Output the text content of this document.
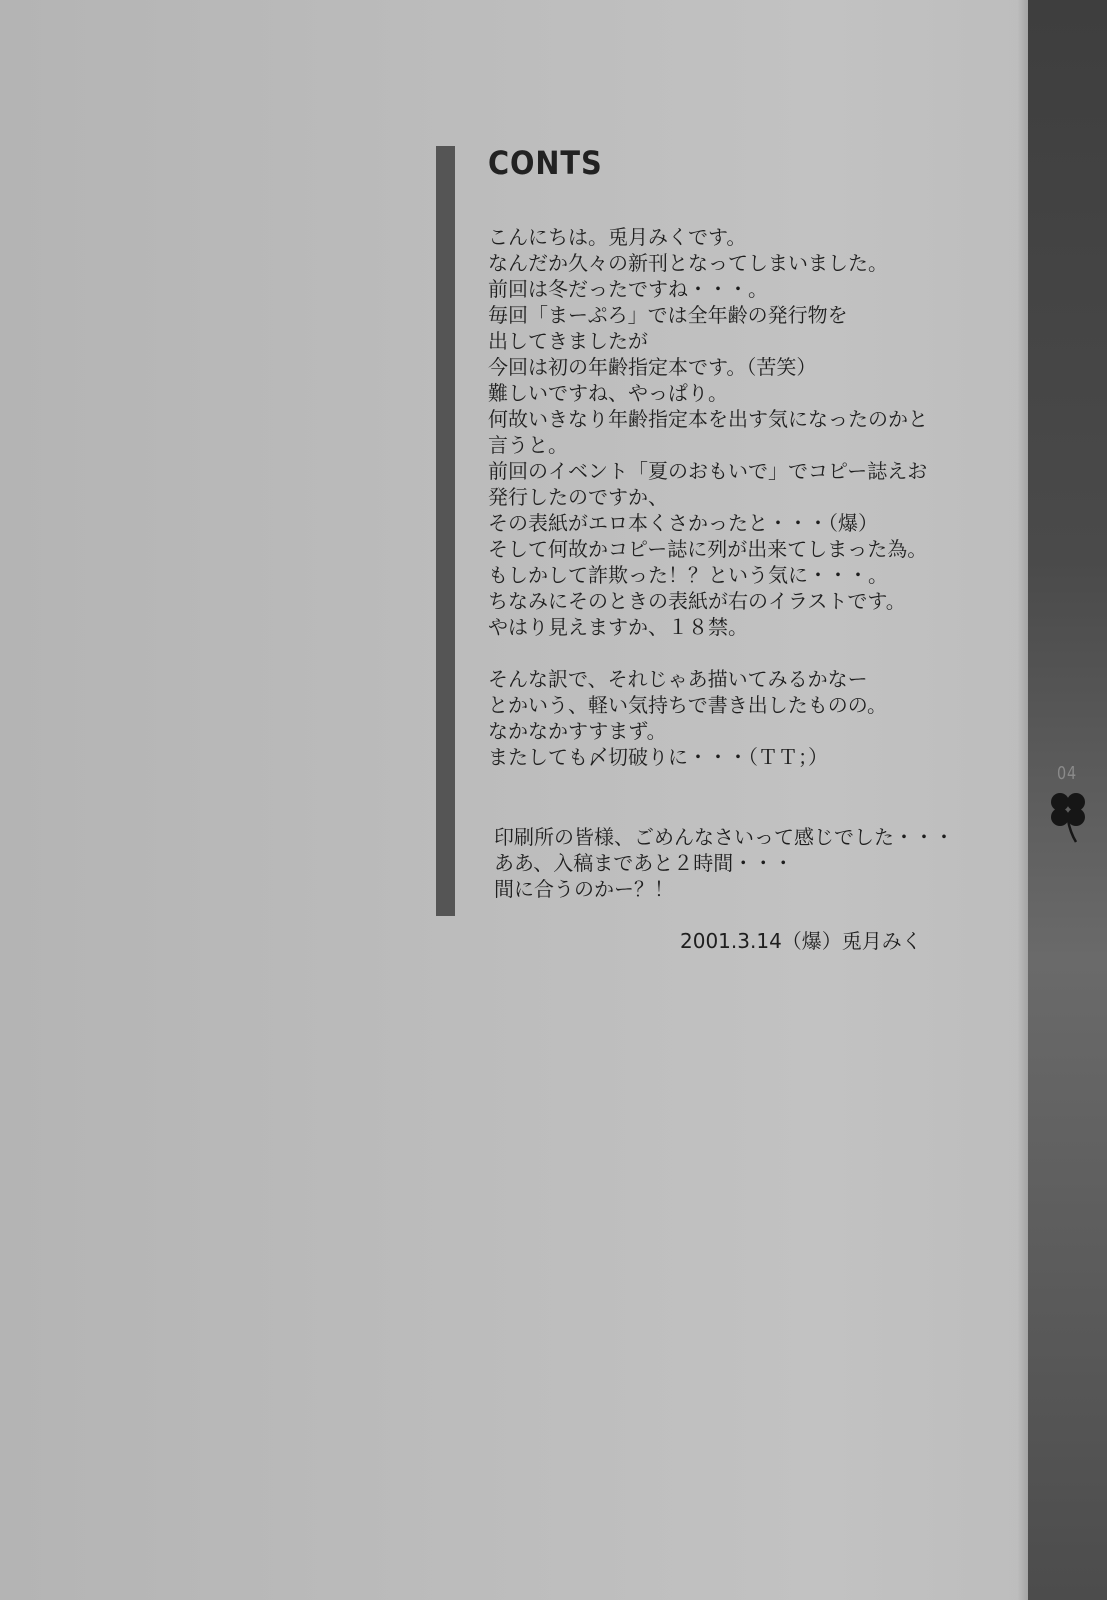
CONTS
こんにちは。兎月みくです。
なんだか久々の新刊となってしまいました。
前回は冬だったですね・・・。
毎回「まーぷろ」では全年齢の発行物を
出してきましたが
今回は初の年齢指定本です。（苦笑）
難しいですね、やっぱり。
何故いきなり年齢指定本を出す気になったのかと
言うと。
前回のイベント「夏のおもいで」でコピー誌えお
発行したのですか、
その表紙がエロ本くさかったと・・・（爆）
そして何故かコピー誌に列が出来てしまった為。
もしかして詐欺った！？という気に・・・。
ちなみにそのときの表紙が右のイラストです。
やはり見えますか、１８禁。
そんな訳で、それじゃあ描いてみるかなー
とかいう、軽い気持ちで書き出したものの。
なかなかすすまず。
またしても〆切破りに・・・（ＴＴ；）
印刷所の皆様、ごめんなさいって感じでした・・・
ああ、入稿まであと２時間・・・
間に合うのかー？！
2001.3.14（爆）兎月みく
04
